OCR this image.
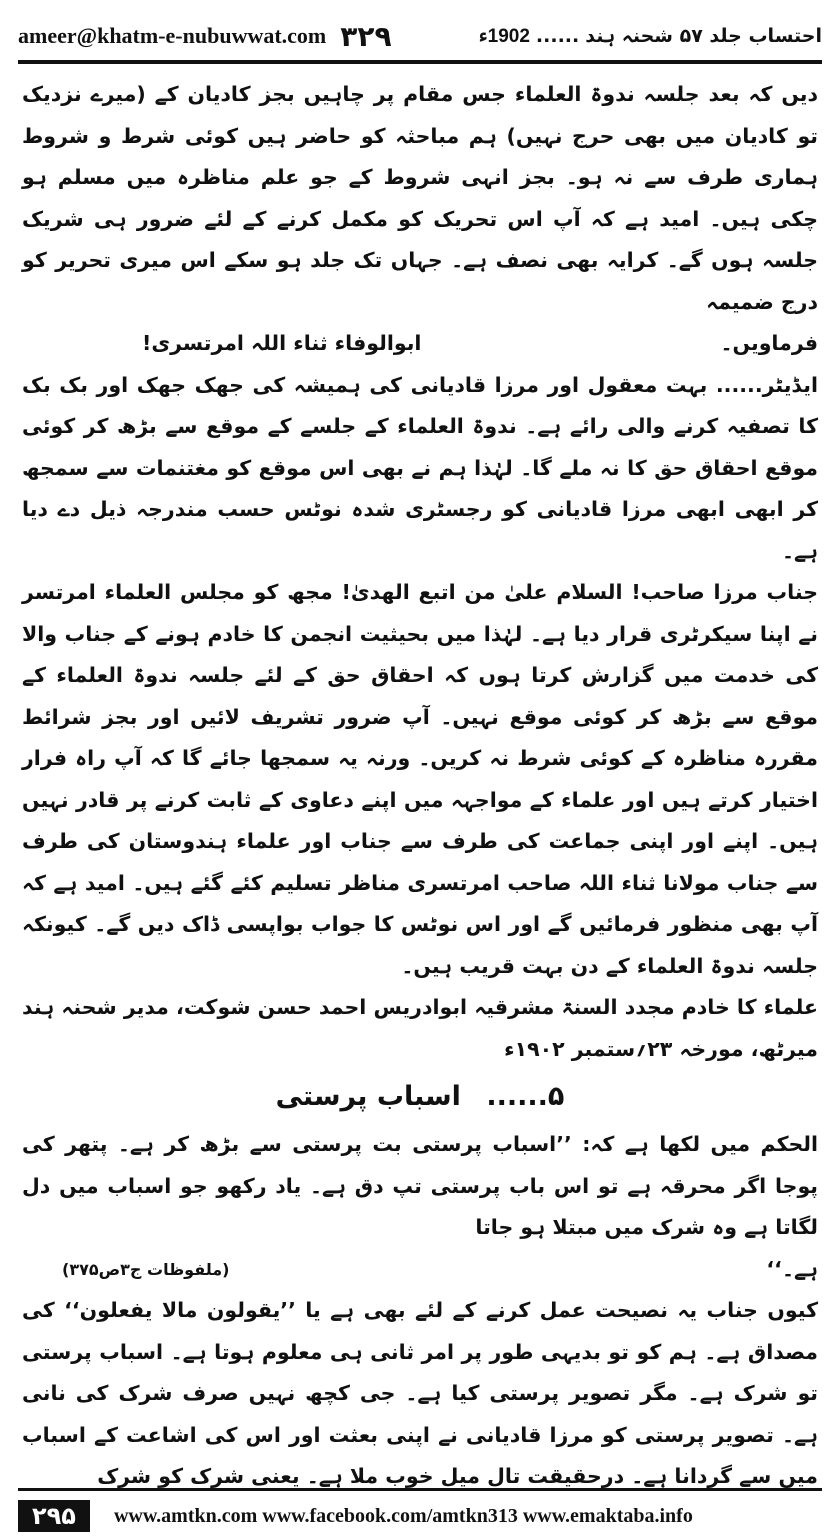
ameer@khatm-e-nubuwwat.com ۳۲۹	احتساب جلد ۵۷ شحنہ ہند
......
1902ء

دیں کہ بعد جلسہ ندوۃ العلماء جس مقام پر چاہیں بجز کادیان کے (میرے نزدیک تو کادیان میں بھی حرج نہیں) ہم مباحثہ کو حاضر ہیں کوئی شرط و شروط ہماری طرف سے نہ ہو۔ بجز انہی شروط کے جو علم مناظرہ میں مسلم ہو چکی ہیں۔ امید ہے کہ آپ اس تحریک کو مکمل کرنے کے لئے ضرور ہی شریک جلسہ ہوں گے۔ کرایہ بھی نصف ہے۔ جہاں تک جلد ہو سکے اس میری تحریر کو درج ضمیمہ

فرماویں۔
ابوالوفاء ثناء اللہ امرتسری!

ایڈیٹر...... بہت معقول اور مرزا قادیانی کی ہمیشہ کی جھک جھک اور بک بک کا تصفیہ کرنے والی رائے ہے۔ ندوۃ العلماء کے جلسے کے موقع سے بڑھ کر کوئی موقع احقاق حق کا نہ ملے گا۔ لہٰذا ہم نے بھی اس موقع کو مغتنمات سے سمجھ کر ابھی ابھی مرزا قادیانی کو رجسٹری شدہ نوٹس حسب مندرجہ ذیل دے دیا ہے۔

جناب مرزا صاحب! السلام علیٰ من اتبع الھدیٰ! مجھ کو مجلس العلماء امرتسر نے اپنا سیکرٹری قرار دیا ہے۔ لہٰذا میں بحیثیت انجمن کا خادم ہونے کے جناب والا کی خدمت میں گزارش کرتا ہوں کہ احقاق حق کے لئے جلسہ ندوۃ العلماء کے موقع سے بڑھ کر کوئی موقع نہیں۔ آپ ضرور تشریف لائیں اور بجز شرائط مقررہ مناظرہ کے کوئی شرط نہ کریں۔ ورنہ یہ سمجھا جائے گا کہ آپ راہ فرار اختیار کرتے ہیں اور علماء کے مواجہہ میں اپنے دعاوی کے ثابت کرنے پر قادر نہیں ہیں۔ اپنے اور اپنی جماعت کی طرف سے جناب اور علماء ہندوستان کی طرف سے جناب مولانا ثناء اللہ صاحب امرتسری مناظر تسلیم کئے گئے ہیں۔ امید ہے کہ آپ بھی منظور فرمائیں گے اور اس نوٹس کا جواب بواپسی ڈاک دیں گے۔ کیونکہ جلسہ ندوۃ العلماء کے دن بہت قریب ہیں۔

علماء کا خادم مجدد السنۃ مشرقیہ ابوادریس احمد حسن شوکت، مدیر شحنہ ہند میرٹھ، مورخہ ۲۳؍ستمبر ۱۹۰۲ء

۵...... اسباب پرستی

الحکم میں لکھا ہے کہ: ’’اسباب پرستی بت پرستی سے بڑھ کر ہے۔ پتھر کی پوجا اگر محرقہ ہے تو اس باب پرستی تپ دق ہے۔ یاد رکھو جو اسباب میں دل لگاتا ہے وہ شرک میں مبتلا ہو جاتا

ہے۔‘‘
(ملفوظات ج۳ص۳۷۵)

کیوں جناب یہ نصیحت عمل کرنے کے لئے بھی ہے یا ’’یقولون مالا یفعلون‘‘ کی مصداق ہے۔ ہم کو تو بدیہی طور پر امر ثانی ہی معلوم ہوتا ہے۔ اسباب پرستی تو شرک ہے۔ مگر تصویر پرستی کیا ہے۔ جی کچھ نہیں صرف شرک کی نانی ہے۔ تصویر پرستی کو مرزا قادیانی نے اپنی بعثت اور اس کی اشاعت کے اسباب میں سے گردانا ہے۔ درحقیقت تال میل خوب ملا ہے۔ یعنی شرک کو شرک

۲۹۵	www.amtkn.com www.facebook.com/amtkn313 www.emaktaba.info
